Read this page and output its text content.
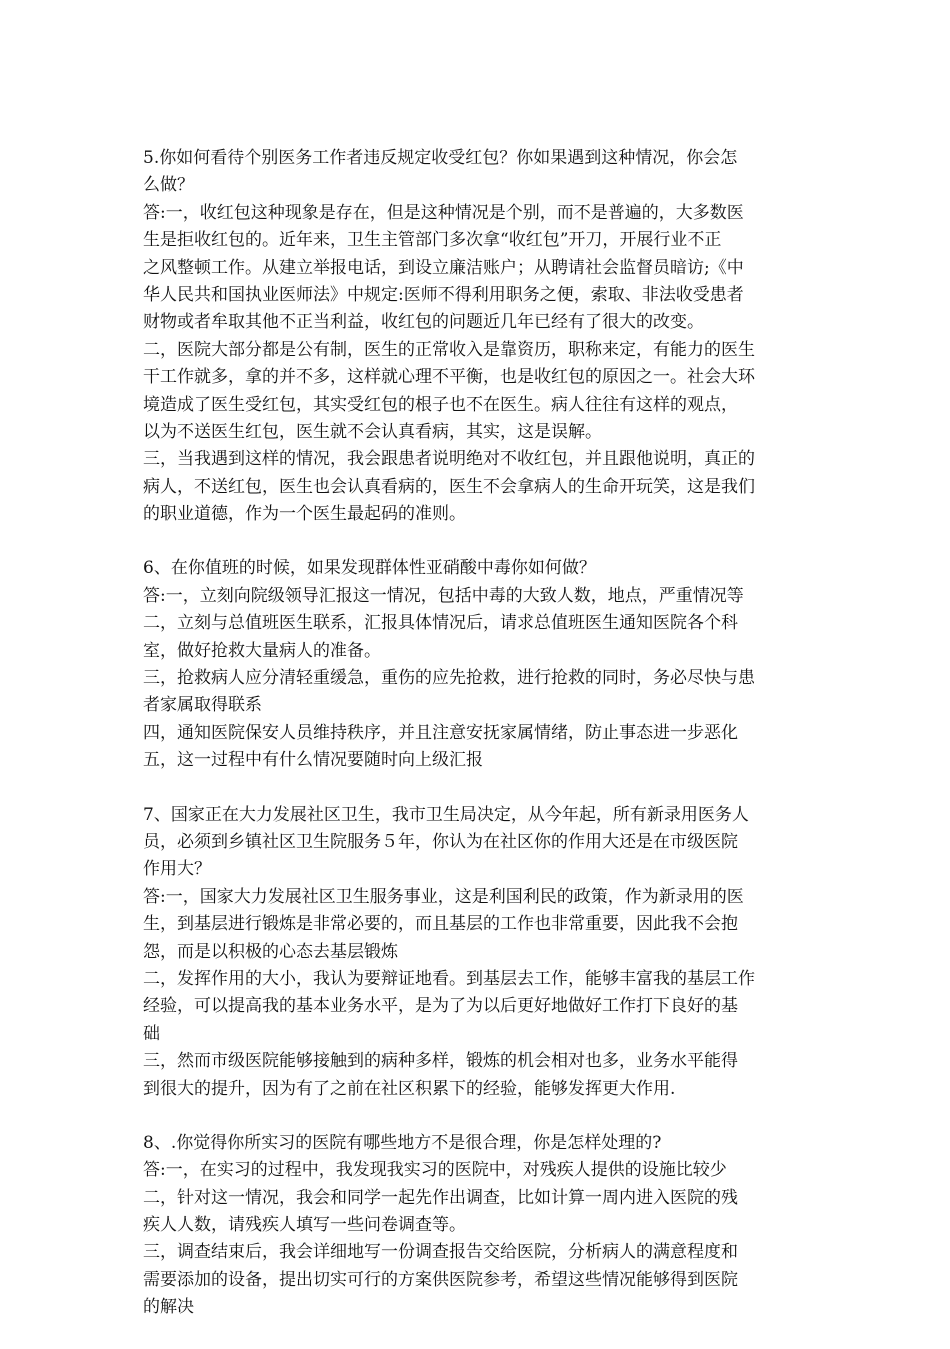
5.你如何看待个别医务工作者违反规定收受红包？你如果遇到这种情况，你会怎
么做？
答:一，收红包这种现象是存在，但是这种情况是个别，而不是普遍的，大多数医
生是拒收红包的。近年来，卫生主管部门多次拿“收红包”开刀，开展行业不正
之风整顿工作。从建立举报电话，到设立廉洁账户；从聘请社会监督员暗访;《中
华人民共和国执业医师法》中规定:医师不得利用职务之便，索取、非法收受患者
财物或者牟取其他不正当利益，收红包的问题近几年已经有了很大的改变。
二，医院大部分都是公有制，医生的正常收入是靠资历，职称来定，有能力的医生
干工作就多，拿的并不多，这样就心理不平衡，也是收红包的原因之一。社会大环
境造成了医生受红包，其实受红包的根子也不在医生。病人往往有这样的观点，
以为不送医生红包，医生就不会认真看病，其实，这是误解。
三，当我遇到这样的情况，我会跟患者说明绝对不收红包，并且跟他说明，真正的
病人，不送红包，医生也会认真看病的，医生不会拿病人的生命开玩笑，这是我们
的职业道德，作为一个医生最起码的准则。
6、在你值班的时候，如果发现群体性亚硝酸中毒你如何做？
答:一，立刻向院级领导汇报这一情况，包括中毒的大致人数，地点，严重情况等
二，立刻与总值班医生联系，汇报具体情况后，请求总值班医生通知医院各个科
室，做好抢救大量病人的准备。
三，抢救病人应分清轻重缓急，重伤的应先抢救，进行抢救的同时，务必尽快与患
者家属取得联系
四，通知医院保安人员维持秩序，并且注意安抚家属情绪，防止事态进一步恶化
五，这一过程中有什么情况要随时向上级汇报
7、国家正在大力发展社区卫生，我市卫生局决定，从今年起，所有新录用医务人
员，必须到乡镇社区卫生院服务５年，你认为在社区你的作用大还是在市级医院
作用大？
答:一，国家大力发展社区卫生服务事业，这是利国利民的政策，作为新录用的医
生，到基层进行锻炼是非常必要的，而且基层的工作也非常重要，因此我不会抱
怨，而是以积极的心态去基层锻炼
二，发挥作用的大小，我认为要辩证地看。到基层去工作，能够丰富我的基层工作
经验，可以提高我的基本业务水平，是为了为以后更好地做好工作打下良好的基
础
三，然而市级医院能够接触到的病种多样，锻炼的机会相对也多，业务水平能得
到很大的提升，因为有了之前在社区积累下的经验，能够发挥更大作用.
8、.你觉得你所实习的医院有哪些地方不是很合理，你是怎样处理的?
答:一，在实习的过程中，我发现我实习的医院中，对残疾人提供的设施比较少
二，针对这一情况，我会和同学一起先作出调查，比如计算一周内进入医院的残
疾人人数，请残疾人填写一些问卷调查等。
三，调查结束后，我会详细地写一份调查报告交给医院，分析病人的满意程度和
需要添加的设备，提出切实可行的方案供医院参考，希望这些情况能够得到医院
的解决
